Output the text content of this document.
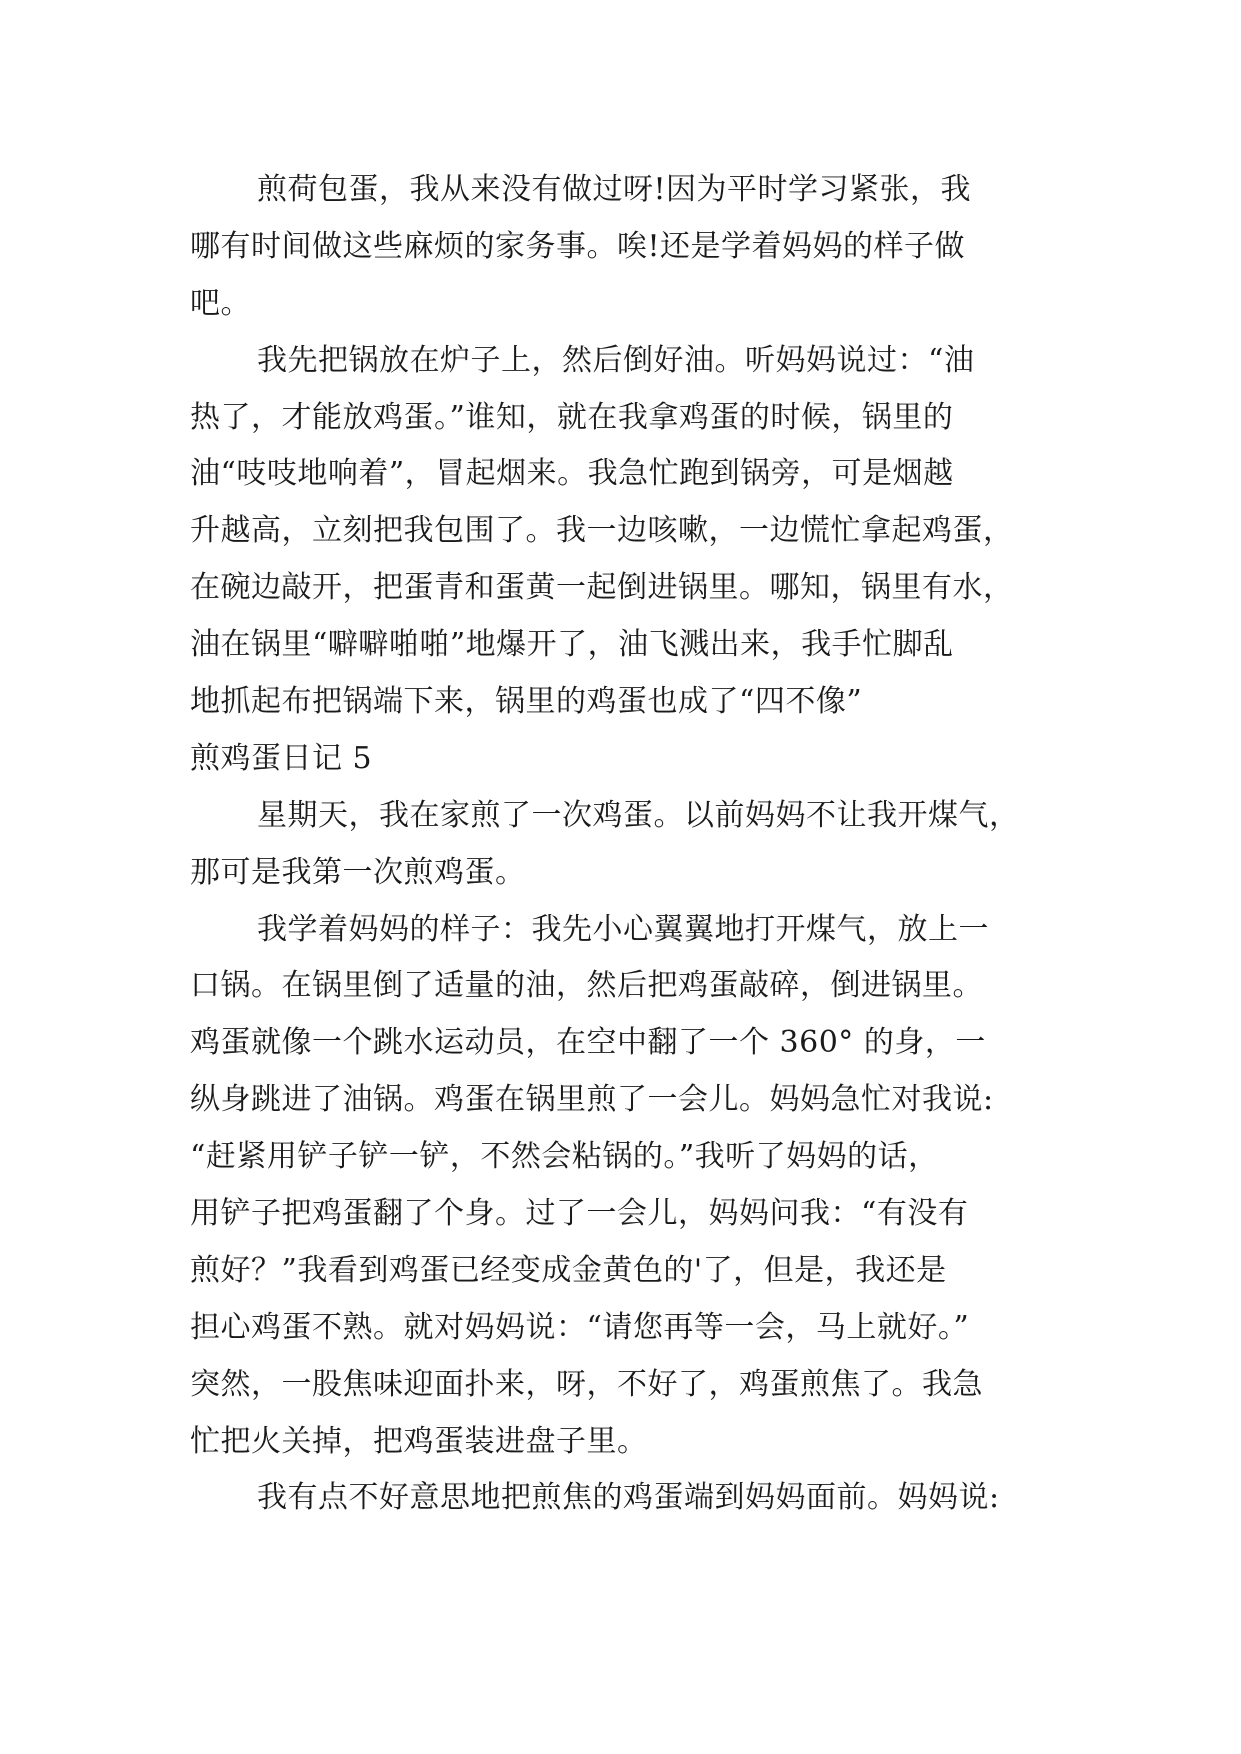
煎荷包蛋，我从来没有做过呀!因为平时学习紧张，我
哪有时间做这些麻烦的家务事。唉!还是学着妈妈的样子做
吧。
我先把锅放在炉子上，然后倒好油。听妈妈说过：“油
热了，才能放鸡蛋。”谁知，就在我拿鸡蛋的时候，锅里的
油“吱吱地响着”，冒起烟来。我急忙跑到锅旁，可是烟越
升越高，立刻把我包围了。我一边咳嗽，一边慌忙拿起鸡蛋，
在碗边敲开，把蛋青和蛋黄一起倒进锅里。哪知，锅里有水，
油在锅里“噼噼啪啪”地爆开了，油飞溅出来，我手忙脚乱
地抓起布把锅端下来，锅里的鸡蛋也成了“四不像”
煎鸡蛋日记 5
星期天，我在家煎了一次鸡蛋。以前妈妈不让我开煤气，
那可是我第一次煎鸡蛋。
我学着妈妈的样子：我先小心翼翼地打开煤气，放上一
口锅。在锅里倒了适量的油，然后把鸡蛋敲碎，倒进锅里。
鸡蛋就像一个跳水运动员，在空中翻了一个 360° 的身，一
纵身跳进了油锅。鸡蛋在锅里煎了一会儿。妈妈急忙对我说:
“赶紧用铲子铲一铲，不然会粘锅的。”我听了妈妈的话，
用铲子把鸡蛋翻了个身。过了一会儿，妈妈问我：“有没有
煎好？”我看到鸡蛋已经变成金黄色的'了，但是，我还是
担心鸡蛋不熟。就对妈妈说：“请您再等一会，马上就好。”
突然，一股焦味迎面扑来，呀，不好了，鸡蛋煎焦了。我急
忙把火关掉，把鸡蛋装进盘子里。
我有点不好意思地把煎焦的鸡蛋端到妈妈面前。妈妈说:
